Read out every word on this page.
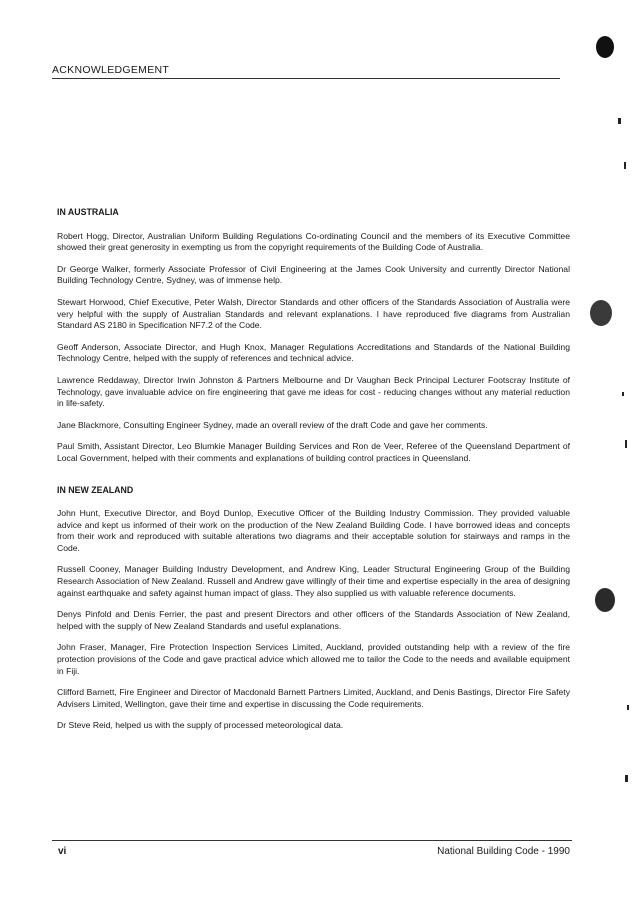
ACKNOWLEDGEMENT
IN AUSTRALIA

Robert Hogg, Director, Australian Uniform Building Regulations Co-ordinating Council and the members of its Executive Committee showed their great generosity in exempting us from the copyright requirements of the Building Code of Australia.

Dr George Walker, formerly Associate Professor of Civil Engineering at the James Cook University and currently Director National Building Technology Centre, Sydney, was of immense help.

Stewart Horwood, Chief Executive, Peter Walsh, Director Standards and other officers of the Standards Association of Australia were very helpful with the supply of Australian Standards and relevant explanations. I have reproduced five diagrams from Australian Standard AS 2180 in Specification NF7.2 of the Code.

Geoff Anderson, Associate Director, and Hugh Knox, Manager Regulations Accreditations and Standards of the National Building Technology Centre, helped with the supply of references and technical advice.

Lawrence Reddaway, Director Irwin Johnston & Partners Melbourne and Dr Vaughan Beck Principal Lecturer Footscray Institute of Technology, gave invaluable advice on fire engineering that gave me ideas for cost - reducing changes without any material reduction in life-safety.

Jane Blackmore, Consulting Engineer Sydney, made an overall review of the draft Code and gave her comments.

Paul Smith, Assistant Director, Leo Blumkie Manager Building Services and Ron de Veer, Referee of the Queensland Department of Local Government, helped with their comments and explanations of building control practices in Queensland.

IN NEW ZEALAND

John Hunt, Executive Director, and Boyd Dunlop, Executive Officer of the Building Industry Commission. They provided valuable advice and kept us informed of their work on the production of the New Zealand Building Code. I have borrowed ideas and concepts from their work and reproduced with suitable alterations two diagrams and their acceptable solution for stairways and ramps in the Code.

Russell Cooney, Manager Building Industry Development, and Andrew King, Leader Structural Engineering Group of the Building Research Association of New Zealand. Russell and Andrew gave willingly of their time and expertise especially in the area of designing against earthquake and safety against human impact of glass. They also supplied us with valuable reference documents.

Denys Pinfold and Denis Ferrier, the past and present Directors and other officers of the Standards Association of New Zealand, helped with the supply of New Zealand Standards and useful explanations.

John Fraser, Manager, Fire Protection Inspection Services Limited, Auckland, provided outstanding help with a review of the fire protection provisions of the Code and gave practical advice which allowed me to tailor the Code to the needs and available equipment in Fiji.

Clifford Barnett, Fire Engineer and Director of Macdonald Barnett Partners Limited, Auckland, and Denis Bastings, Director Fire Safety Advisers Limited, Wellington, gave their time and expertise in discussing the Code requirements.

Dr Steve Reid, helped us with the supply of processed meteorological data.

vi	National Building Code - 1990
